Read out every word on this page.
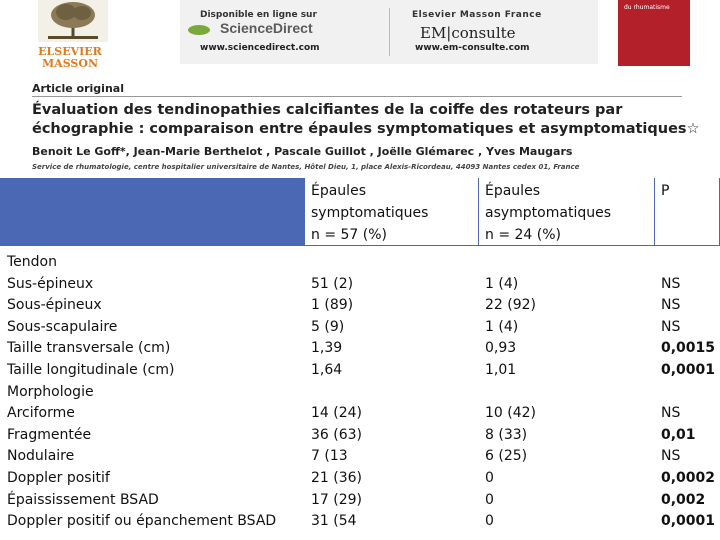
ELSEVIER
MASSON
Disponible en ligne sur
ScienceDirect
www.sciencedirect.com
Elsevier Masson France
EM|consulte
www.em-consulte.com
du rhumatisme
Article original
Évaluation des tendinopathies calcifiantes de la coiffe des rotateurs par échographie : comparaison entre épaules symptomatiques et asymptomatiques☆
Benoit Le Goff*, Jean-Marie Berthelot , Pascale Guillot , Joëlle Glémarec , Yves Maugars
Service de rhumatologie, centre hospitalier universitaire de Nantes, Hôtel Dieu, 1, place Alexis-Ricordeau, 44093 Nantes cedex 01, France
Épaules
symptomatiques
n = 57 (%)
Épaules
asymptomatiques
n = 24 (%)
P
Tendon
Sus-épineux
Sous-épineux
Sous-scapulaire
Taille transversale (cm)
Taille longitudinale (cm)
Morphologie
Arciforme
Fragmentée
Nodulaire
Doppler positif
Épaississement BSAD
Doppler positif ou épanchement BSAD
51 (2)
1 (89)
5 (9)
1,39
1,64
14 (24)
36 (63)
7 (13
21 (36)
17 (29)
31 (54
1 (4)
22 (92)
1 (4)
0,93
1,01
10 (42)
8 (33)
6 (25)
0
0
0
NS
NS
NS
0,0015
0,0001
NS
0,01
NS
0,0002
0,002
0,0001
